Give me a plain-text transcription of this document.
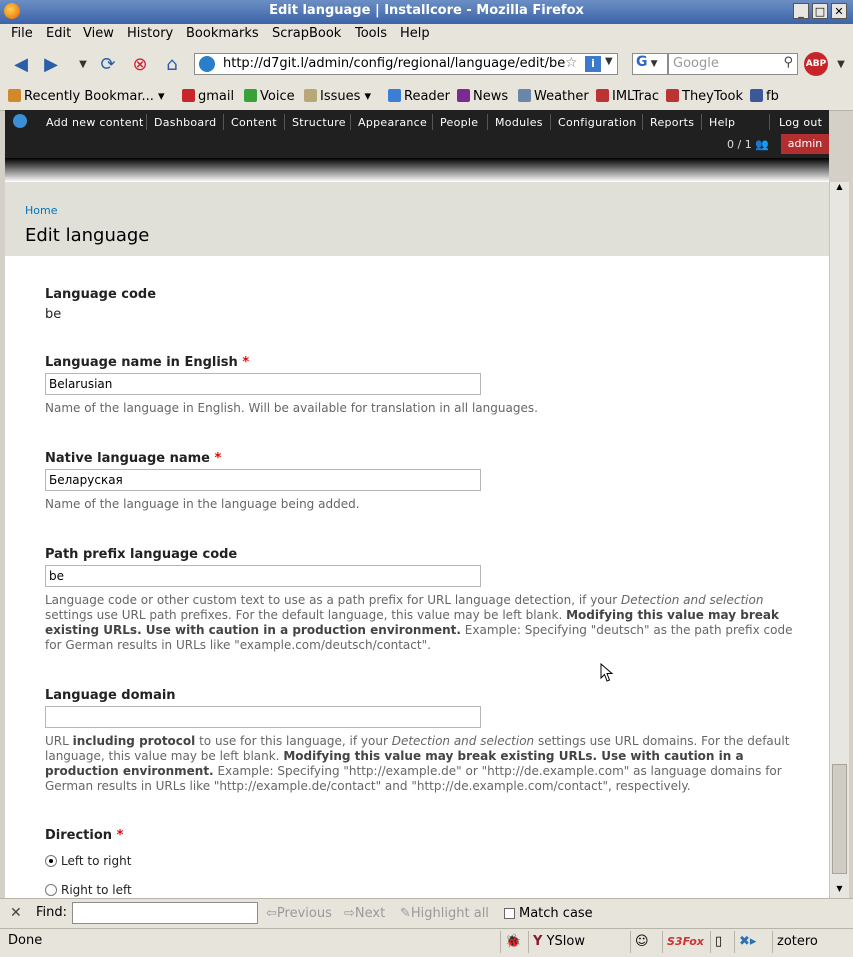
Edit language | Installcore - Mozilla Firefox	_	□ ✕
File Edit View History Bookmarks ScrapBook Tools Help
◀ ▶	▼ ⟳ ⊗ ⌂	http://d7git.l/admin/config/regional/language/edit/be ☆	i	▼ G ▼	Google	⚲ ABP	▼
Recently Bookmar... ▾	gmail	Voice	Issues ▾	Reader	News	Weather	IMLTrac	TheyTook	fb
Add new content Dashboard Content Structure Appearance People Modules Configuration Reports Help	Log out
0 / 1 👥	admin
Home
Edit language
Language code
be
Language name in English *
Belarusian
Name of the language in English. Will be available for translation in all languages.
Native language name *
Беларуская
Name of the language in the language being added.
Path prefix language code
be
Language code or other custom text to use as a path prefix for URL language detection, if your Detection and selection settings use URL path prefixes. For the default language, this value may be left blank. Modifying this value may break existing URLs. Use with caution in a production environment. Example: Specifying "deutsch" as the path prefix code for German results in URLs like "example.com/deutsch/contact".
Language domain
URL including protocol to use for this language, if your Detection and selection settings use URL domains. For the default language, this value may be left blank. Modifying this value may break existing URLs. Use with caution in a production environment. Example: Specifying "http://example.de" or "http://de.example.com" as language domains for German results in URLs like "http://example.de/contact" and "http://de.example.com/contact", respectively.
Direction *
Left to right
Right to left
▲
▼
✕ Find:	⇦Previous ⇨Next ✎Highlight all Match case
Done	🐞 Y YSlow	☺	S3Fox ▯	✖▸	zotero
